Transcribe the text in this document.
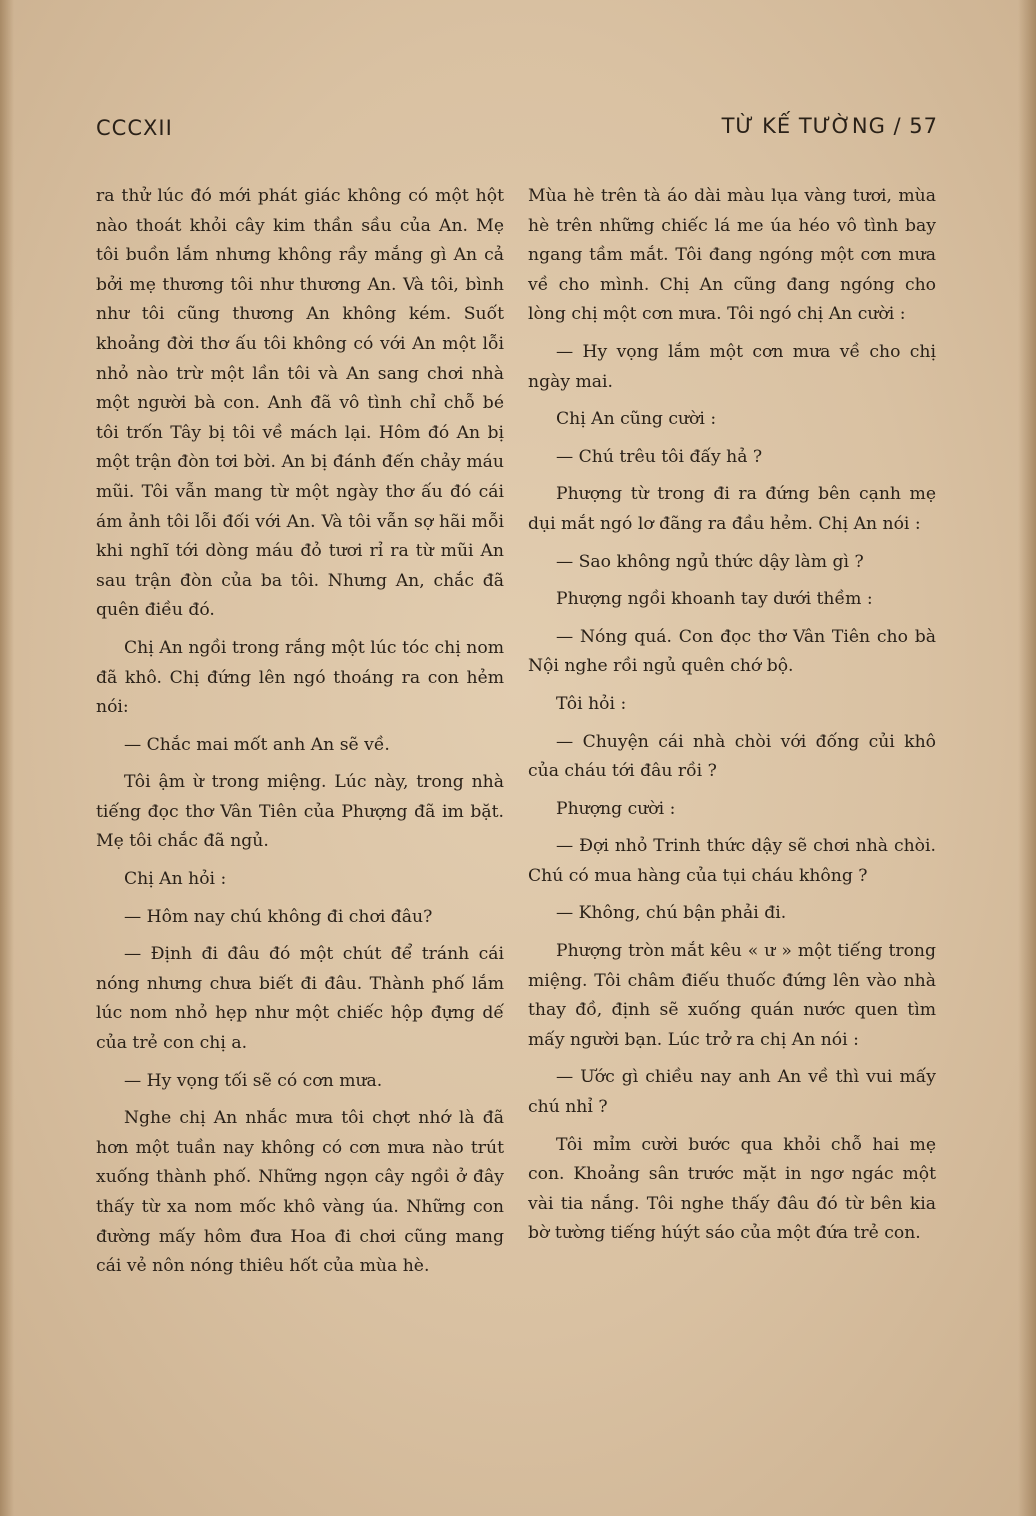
CCCXII	TỪ KẾ TƯỜNG / 57

ra thử lúc đó mới phát giác không có một hột nào thoát khỏi cây kim thần sầu của An. Mẹ tôi buồn lắm nhưng không rầy mắng gì An cả bởi mẹ thương tôi như thương An. Và tôi, bình như tôi cũng thương An không kém. Suốt khoảng đời thơ ấu tôi không có với An một lỗi nhỏ nào trừ một lần tôi và An sang chơi nhà một người bà con. Anh đã vô tình chỉ chỗ bé tôi trốn Tây bị tôi về mách lại. Hôm đó An bị một trận đòn tơi bời. An bị đánh đến chảy máu mũi. Tôi vẫn mang từ một ngày thơ ấu đó cái ám ảnh tôi lỗi đối với An. Và tôi vẫn sợ hãi mỗi khi nghĩ tới dòng máu đỏ tươi rỉ ra từ mũi An sau trận đòn của ba tôi. Nhưng An, chắc đã quên điều đó.

Chị An ngồi trong rắng một lúc tóc chị nom đã khô. Chị đứng lên ngó thoáng ra con hẻm nói:

— Chắc mai mốt anh An sẽ về.

Tôi ậm ừ trong miệng. Lúc này, trong nhà tiếng đọc thơ Vân Tiên của Phượng đã im bặt. Mẹ tôi chắc đã ngủ.

Chị An hỏi :

— Hôm nay chú không đi chơi đâu?

— Định đi đâu đó một chút để tránh cái nóng nhưng chưa biết đi đâu. Thành phố lắm lúc nom nhỏ hẹp như một chiếc hộp đựng dế của trẻ con chị a.

— Hy vọng tối sẽ có cơn mưa.

Nghe chị An nhắc mưa tôi chợt nhớ là đã hơn một tuần nay không có cơn mưa nào trút xuống thành phố. Những ngọn cây ngồi ở đây thấy từ xa nom mốc khô vàng úa. Những con đường mấy hôm đưa Hoa đi chơi cũng mang cái vẻ nôn nóng thiêu hốt của mùa hè.

Mùa hè trên tà áo dài màu lụa vàng tươi, mùa hè trên những chiếc lá me úa héo vô tình bay ngang tầm mắt. Tôi đang ngóng một cơn mưa về cho mình. Chị An cũng đang ngóng cho lòng chị một cơn mưa. Tôi ngó chị An cười :

— Hy vọng lắm một cơn mưa về cho chị ngày mai.

Chị An cũng cười :

— Chú trêu tôi đấy hả ?

Phượng từ trong đi ra đứng bên cạnh mẹ dụi mắt ngó lơ đãng ra đầu hẻm. Chị An nói :

— Sao không ngủ thức dậy làm gì ?

Phượng ngồi khoanh tay dưới thềm :

— Nóng quá. Con đọc thơ Vân Tiên cho bà Nội nghe rồi ngủ quên chớ bộ.

Tôi hỏi :

— Chuyện cái nhà chòi với đống củi khô của cháu tới đâu rồi ?

Phượng cười :

— Đợi nhỏ Trinh thức dậy sẽ chơi nhà chòi. Chú có mua hàng của tụi cháu không ?

— Không, chú bận phải đi.

Phượng tròn mắt kêu « ư » một tiếng trong miệng. Tôi châm điếu thuốc đứng lên vào nhà thay đồ, định sẽ xuống quán nước quen tìm mấy người bạn. Lúc trở ra chị An nói :

— Ước gì chiều nay anh An về thì vui mấy chú nhỉ ?

Tôi mỉm cười bước qua khỏi chỗ hai mẹ con. Khoảng sân trước mặt in ngơ ngác một vài tia nắng. Tôi nghe thấy đâu đó từ bên kia bờ tường tiếng húýt sáo của một đứa trẻ con.
